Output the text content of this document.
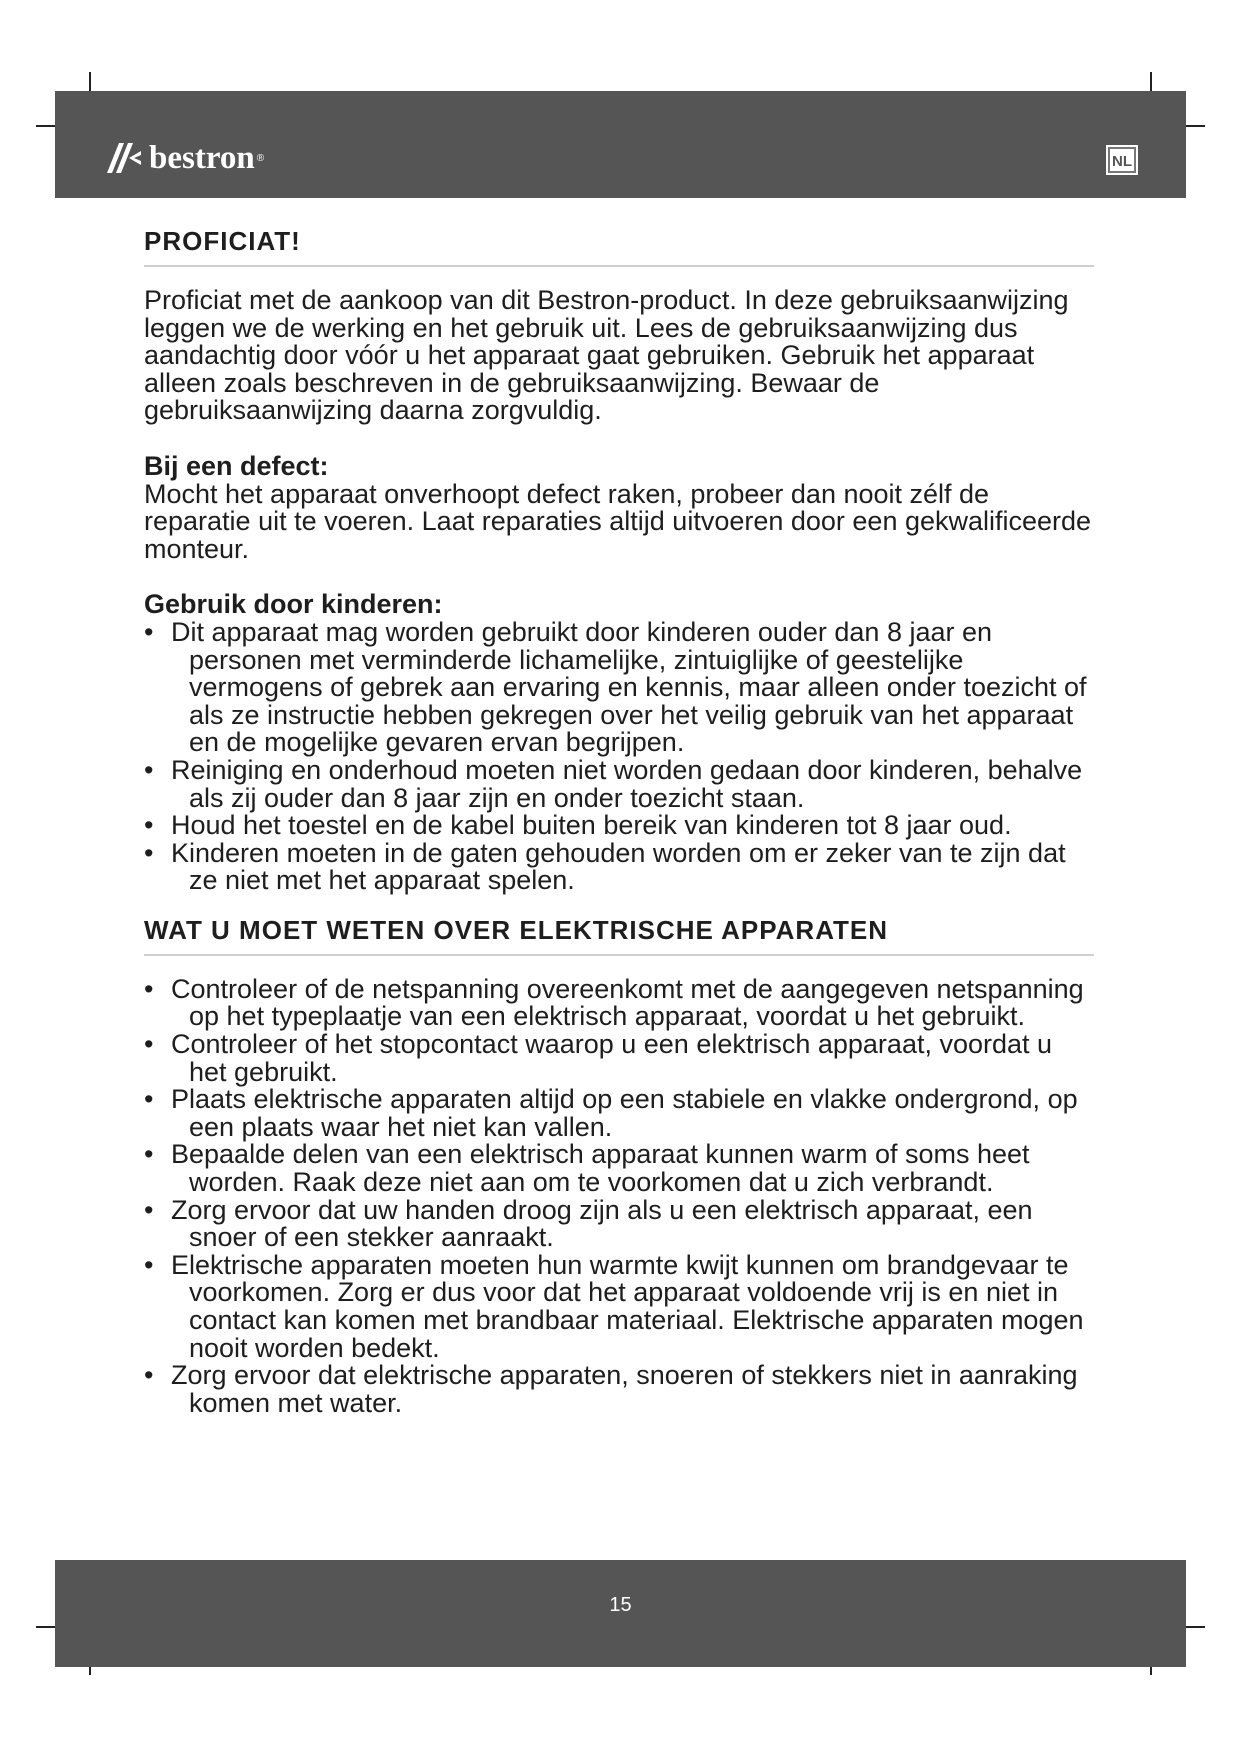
bestron ®	NL
PROFICIAT!

Proficiat met de aankoop van dit Bestron-product. In deze gebruiksaanwijzing leggen we de werking en het gebruik uit. Lees de gebruiksaanwijzing dus aandachtig door vóór u het apparaat gaat gebruiken. Gebruik het apparaat alleen zoals beschreven in de gebruiksaanwijzing. Bewaar de gebruiksaanwijzing daarna zorgvuldig.

Bij een defect:

Mocht het apparaat onverhoopt defect raken, probeer dan nooit zélf de reparatie uit te voeren. Laat reparaties altijd uitvoeren door een gekwalificeerde monteur.

Gebruik door kinderen:

• Dit apparaat mag worden gebruikt door kinderen ouder dan 8 jaar en personen met verminderde lichamelijke, zintuiglijke of geestelijke vermogens of gebrek aan ervaring en kennis, maar alleen onder toezicht of als ze instructie hebben gekregen over het veilig gebruik van het apparaat en de mogelijke gevaren ervan begrijpen.
• Reiniging en onderhoud moeten niet worden gedaan door kinderen, behalve als zij ouder dan 8 jaar zijn en onder toezicht staan.
• Houd het toestel en de kabel buiten bereik van kinderen tot 8 jaar oud.
• Kinderen moeten in de gaten gehouden worden om er zeker van te zijn dat ze niet met het apparaat spelen.
WAT U MOET WETEN OVER ELEKTRISCHE APPARATEN
• Controleer of de netspanning overeenkomt met de aangegeven netspanning op het typeplaatje van een elektrisch apparaat, voordat u het gebruikt.
• Controleer of het stopcontact waarop u een elektrisch apparaat, voordat u het gebruikt.
• Plaats elektrische apparaten altijd op een stabiele en vlakke ondergrond, op een plaats waar het niet kan vallen.
• Bepaalde delen van een elektrisch apparaat kunnen warm of soms heet worden. Raak deze niet aan om te voorkomen dat u zich verbrandt.
• Zorg ervoor dat uw handen droog zijn als u een elektrisch apparaat, een snoer of een stekker aanraakt.
• Elektrische apparaten moeten hun warmte kwijt kunnen om brandgevaar te voorkomen. Zorg er dus voor dat het apparaat voldoende vrij is en niet in contact kan komen met brandbaar materiaal. Elektrische apparaten mogen nooit worden bedekt.
• Zorg ervoor dat elektrische apparaten, snoeren of stekkers niet in aanraking komen met water.
15
